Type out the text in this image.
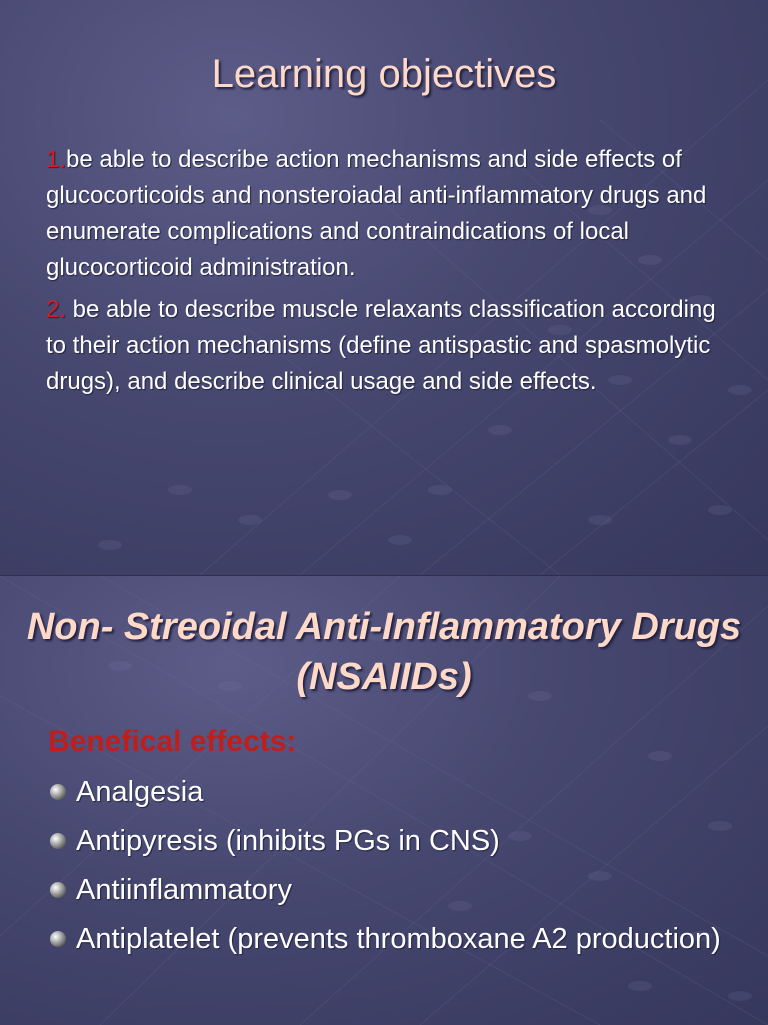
Learning objectives

1.be able to describe action mechanisms and side effects of glucocorticoids and nonsteroiadal anti-inflammatory drugs and enumerate complications and contraindications of local glucocorticoid administration.

2. be able to describe muscle relaxants classification according to their action mechanisms (define antispastic and spasmolytic drugs), and describe clinical usage and side effects.

Non- Streoidal Anti-Inflammatory Drugs (NSAIIDs)
Benefical effects:
Analgesia
Antipyresis (inhibits PGs in CNS)
Antiinflammatory
Antiplatelet (prevents thromboxane A2 production)
